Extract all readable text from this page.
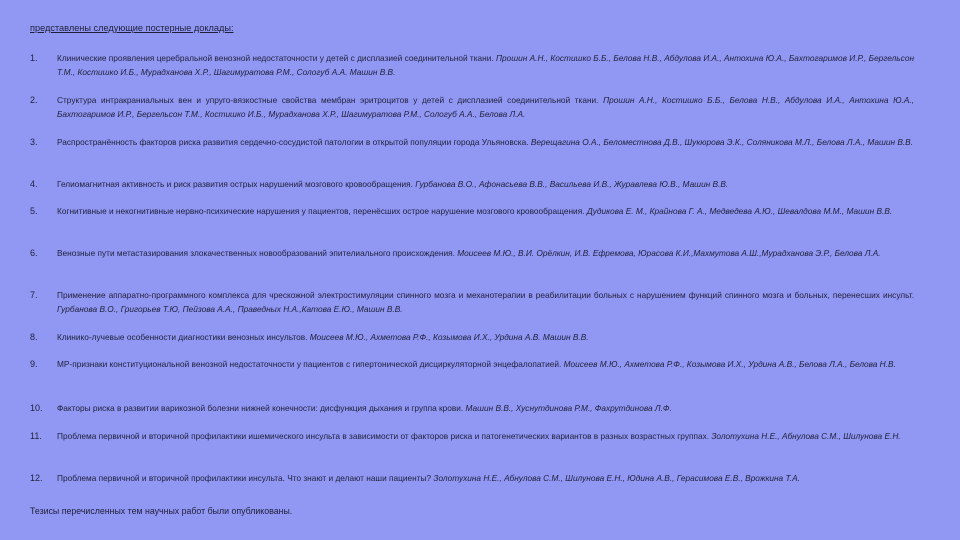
представлены следующие постерные доклады:
1.	Клинические проявления церебральной венозной недостаточности у детей с дисплазией соединительной ткани. Прошин А.Н., Костишко Б.Б., Белова Н.В., Абдулова И.А., Антохина Ю.А., Бахтогаримов И.Р., Бергельсон Т.М., Костишко И.Б., Мурадханова Х.Р., Шагимуратова Р.М., Сологуб А.А. Машин В.В.
2.	Структура интракраниальных вен и упруго-вязкостные свойства мембран эритроцитов у детей с дисплазией соединительной ткани. Прошин А.Н., Костишко Б.Б., Белова Н.В., Абдулова И.А., Антохина Ю.А., Бахтогаримов И.Р., Бергельсон Т.М., Костишко И.Б., Мурадханова Х.Р., Шагимуратова Р.М., Сологуб А.А., Белова Л.А.
3.	Распространённость факторов риска развития сердечно-сосудистой патологии в открытой популяции города Ульяновска. Верещагина О.А., Беломестнова Д.В., Шукюрова Э.К., Соляникова М.Л., Белова Л.А., Машин В.В.
4.	Гелиомагнитная активность и риск развития острых нарушений мозгового кровообращения. Гурбанова В.О., Афонасьева В.В., Васильева И.В., Журавлева Ю.В., Машин В.В.
5.	Когнитивные и некогнитивные нервно-психические нарушения у пациентов, перенёсших острое нарушение мозгового кровообращения. Дудикова Е. М., Крайнова Г. А., Медведева А.Ю., Шевалдова М.М., Машин В.В.
6.	Венозные пути метастазирования злокачественных новообразований эпителиального происхождения. Моисеев М.Ю., В.И. Орёлкин, И.В. Ефремова, Юрасова К.И.,Махмутова А.Ш.,Мурадханова Э.Р., Белова Л.А.
7.	Применение аппаратно-программного комплекса для чрескожной электростимуляции спинного мозга и механотерапии в реабилитации больных с нарушением функций спинного мозга и больных, перенесших инсульт. Гурбанова В.О., Григорьев Т.Ю, Пейзова А.А., Праведных Н.А.,Катова Е.Ю., Машин В.В.
8.	Клинико-лучевые особенности диагностики венозных инсультов. Моисеев М.Ю., Ахметова Р.Ф., Козымова И.Х., Урдина А.В. Машин В.В.
9.	МР-признаки конституциональной венозной недостаточности у пациентов с гипертонической дисциркуляторной энцефалопатией. Моисеев М.Ю., Ахметова Р.Ф., Козымова И.Х., Урдина А.В., Белова Л.А., Белова Н.В.
10.	Факторы риска в развитии варикозной болезни нижней конечности: дисфункция дыхания и группа крови. Машин В.В., Хуснутдинова Р.М., Фахрутдинова Л.Ф.
11.	Проблема первичной и вторичной профилактики ишемического инсульта в зависимости от факторов риска и патогенетических вариантов в разных возрастных группах. Золотухина Н.Е., Абнулова С.М., Шилунова Е.Н.
12.	Проблема первичной и вторичной профилактики инсульта. Что знают и делают наши пациенты? Золотухина Н.Е., Абнулова С.М., Шилунова Е.Н., Юдина А.В., Герасимова Е.В., Врожкина Т.А.
Тезисы перечисленных тем научных работ были опубликованы.
